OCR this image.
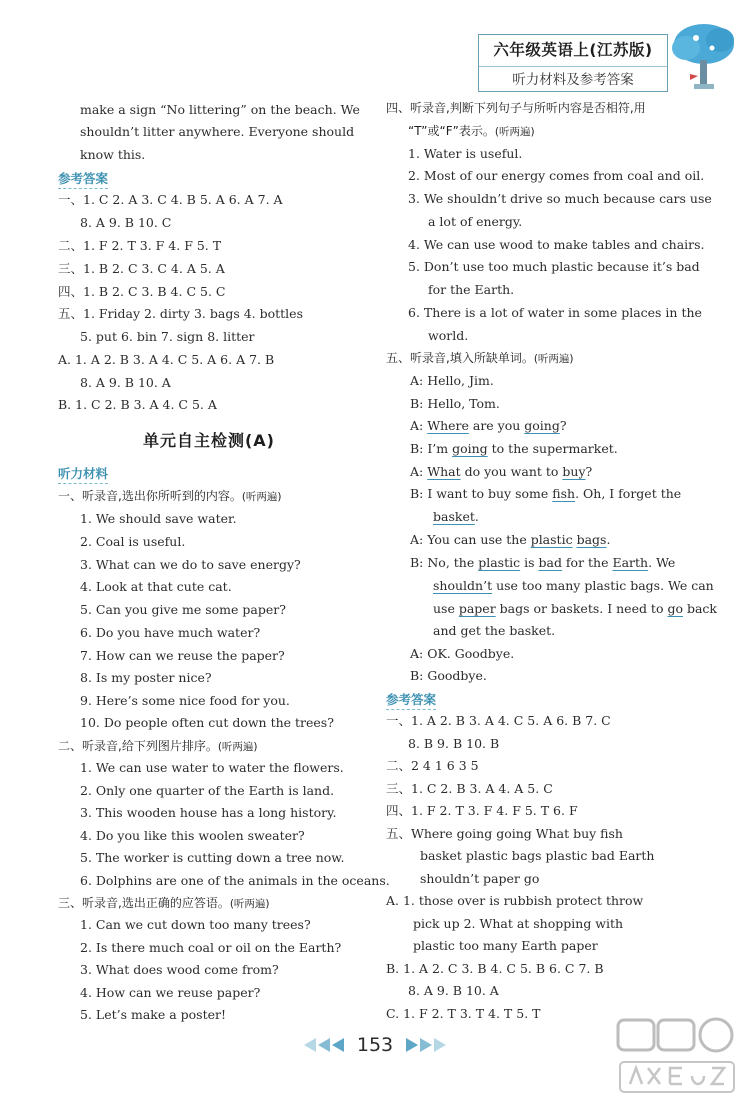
六年级英语上(江苏版)
听力材料及参考答案
make a sign “No littering” on the beach. We
shouldn’t litter anywhere. Everyone should
know this.
参考答案
一、1. C 2. A 3. C 4. B 5. A 6. A 7. A
8. A 9. B 10. C
二、1. F 2. T 3. F 4. F 5. T
三、1. B 2. C 3. C 4. A 5. A
四、1. B 2. C 3. B 4. C 5. C
五、1. Friday 2. dirty 3. bags 4. bottles
5. put 6. bin 7. sign 8. litter
A. 1. A 2. B 3. A 4. C 5. A 6. A 7. B
8. A 9. B 10. A
B. 1. C 2. B 3. A 4. C 5. A
单元自主检测(A)
听力材料
一、听录音,选出你所听到的内容。(听两遍)
1. We should save water.
2. Coal is useful.
3. What can we do to save energy?
4. Look at that cute cat.
5. Can you give me some paper?
6. Do you have much water?
7. How can we reuse the paper?
8. Is my poster nice?
9. Here’s some nice food for you.
10. Do people often cut down the trees?
二、听录音,给下列图片排序。(听两遍)
1. We can use water to water the flowers.
2. Only one quarter of the Earth is land.
3. This wooden house has a long history.
4. Do you like this woolen sweater?
5. The worker is cutting down a tree now.
6. Dolphins are one of the animals in the oceans.
三、听录音,选出正确的应答语。(听两遍)
1. Can we cut down too many trees?
2. Is there much coal or oil on the Earth?
3. What does wood come from?
4. How can we reuse paper?
5. Let’s make a poster!
四、听录音,判断下列句子与所听内容是否相符,用
“T”或“F”表示。(听两遍)
1. Water is useful.
2. Most of our energy comes from coal and oil.
3. We shouldn’t drive so much because cars use
a lot of energy.
4. We can use wood to make tables and chairs.
5. Don’t use too much plastic because it’s bad
for the Earth.
6. There is a lot of water in some places in the
world.
五、听录音,填入所缺单词。(听两遍)
A: Hello, Jim.
B: Hello, Tom.
A: Where are you going?
B: I’m going to the supermarket.
A: What do you want to buy?
B: I want to buy some fish. Oh, I forget the
basket.
A: You can use the plastic bags.
B: No, the plastic is bad for the Earth. We
shouldn’t use too many plastic bags. We can
use paper bags or baskets. I need to go back
and get the basket.
A: OK. Goodbye.
B: Goodbye.
参考答案
一、1. A 2. B 3. A 4. C 5. A 6. B 7. C
8. B 9. B 10. B
二、2 4 1 6 3 5
三、1. C 2. B 3. A 4. A 5. C
四、1. F 2. T 3. F 4. F 5. T 6. F
五、Where going going What buy fish
basket plastic bags plastic bad Earth
shouldn’t paper go
A. 1. those over is rubbish protect throw
pick up 2. What at shopping with
plastic too many Earth paper
B. 1. A 2. C 3. B 4. C 5. B 6. C 7. B
8. A 9. B 10. A
C. 1. F 2. T 3. T 4. T 5. T
153
